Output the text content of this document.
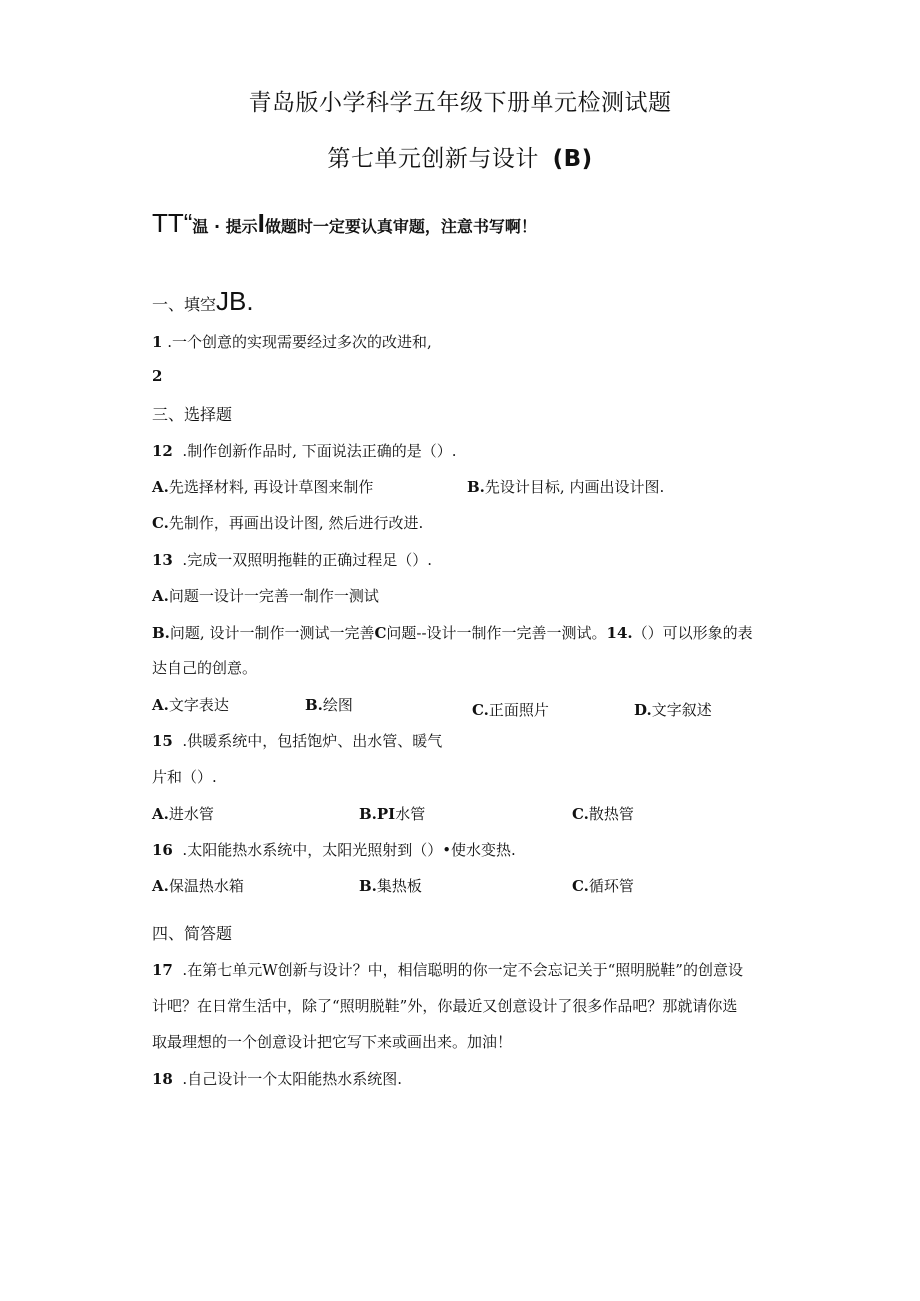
青岛版小学科学五年级下册单元检测试题
第七单元创新与设计 (B)
TT“温 · 提示I做题时一定要认真审题，注意书写啊！
一、填空JB.
1 .一个创意的实现需要经过多次的改进和,
2
三、选择题
12 .制作创新作品时, 下面说法正确的是（）.
A.先选择材料, 再设计草图来制作	B.先设计目标, 内画出设计图.
C.先制作，再画出设计图, 然后进行改进.
13 .完成一双照明拖鞋的正确过程足（）.
A.问题一设计一完善一制作一测试
B.问题, 设计一制作一测试一完善C问题--设计一制作一完善一测试。14.（）可以形象的表
达自己的创意。
A.文字表达	B.绘图	C.正面照片	D.文字叙述
15 .供暖系统中，包括饱炉、出水管、暖气
片和（）.
A.进水管	B.PI水管	C.散热管
16 .太阳能热水系统中，太阳光照射到（）•使水变热.
A.保温热水箱	B.集热板	C.循环管
四、简答题
17 .在第七单元W创新与设计？中，相信聪明的你一定不会忘记关于“照明脱鞋”的创意设
计吧？在日常生活中，除了“照明脱鞋”外，你最近又创意设计了很多作品吧？那就请你选
取最理想的一个创意设计把它写下来或画出来。加油！
18 .自己设计一个太阳能热水系统图.
